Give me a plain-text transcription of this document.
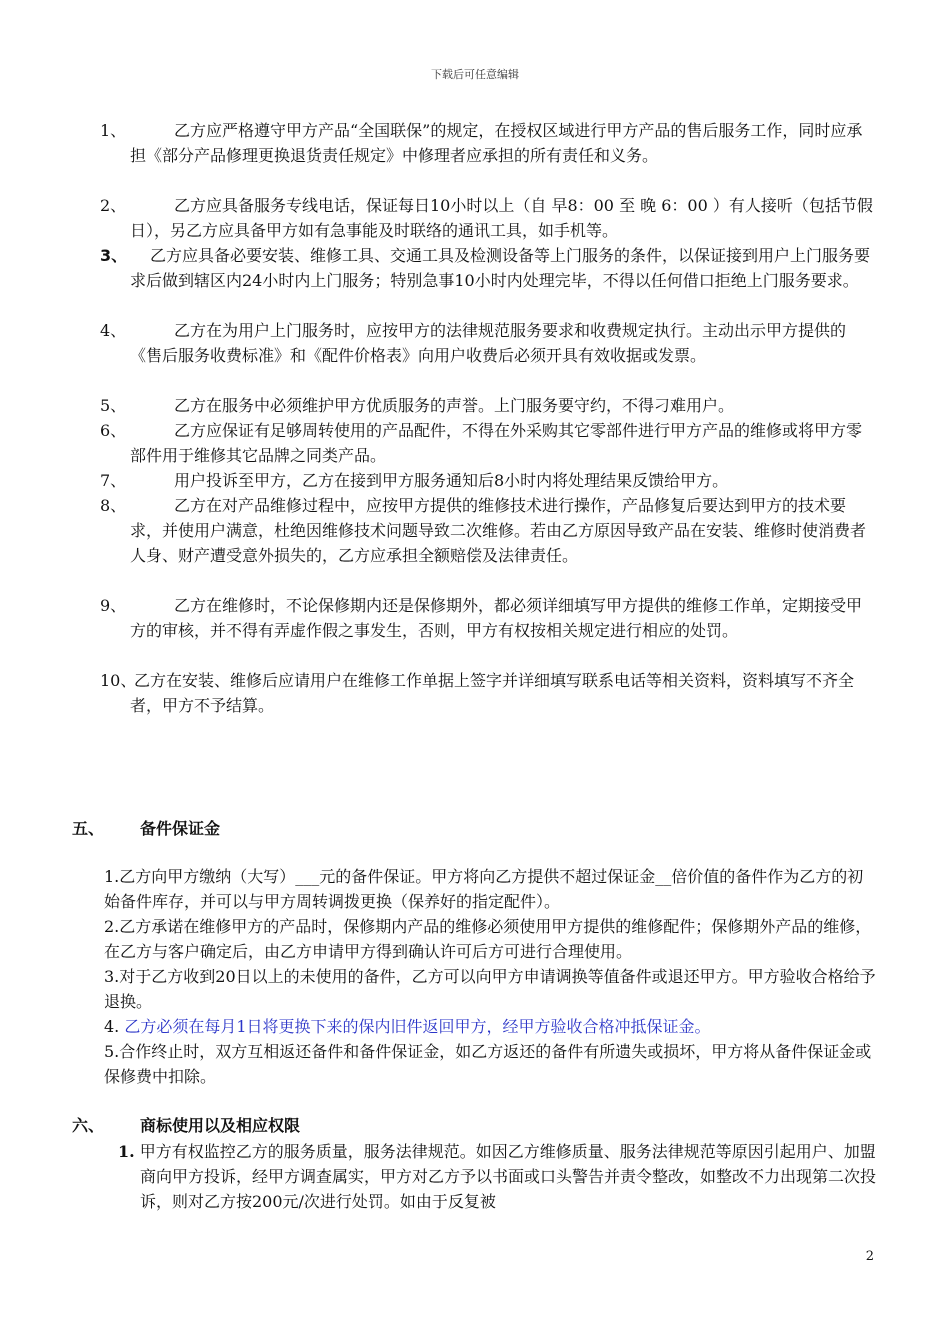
下载后可任意编辑
1、	乙方应严格遵守甲方产品“全国联保”的规定，在授权区域进行甲方产品的售后服务工作，同时应承担《部分产品修理更换退货责任规定》中修理者应承担的所有责任和义务。
2、	乙方应具备服务专线电话，保证每日10小时以上（自 早8：00 至 晚 6：00 ）有人接听（包括节假日），另乙方应具备甲方如有急事能及时联络的通讯工具，如手机等。
3、 乙方应具备必要安装、维修工具、交通工具及检测设备等上门服务的条件，以保证接到用户上门服务要求后做到辖区内24小时内上门服务；特别急事10小时内处理完毕，不得以任何借口拒绝上门服务要求。
4、	乙方在为用户上门服务时，应按甲方的法律规范服务要求和收费规定执行。主动出示甲方提供的《售后服务收费标准》和《配件价格表》向用户收费后必须开具有效收据或发票。
5、	乙方在服务中必须维护甲方优质服务的声誉。上门服务要守约，不得刁难用户。
6、	乙方应保证有足够周转使用的产品配件，不得在外采购其它零部件进行甲方产品的维修或将甲方零部件用于维修其它品牌之同类产品。
7、	用户投诉至甲方，乙方在接到甲方服务通知后8小时内将处理结果反馈给甲方。
8、	乙方在对产品维修过程中，应按甲方提供的维修技术进行操作，产品修复后要达到甲方的技术要求，并使用户满意，杜绝因维修技术问题导致二次维修。若由乙方原因导致产品在安装、维修时使消费者人身、财产遭受意外损失的，乙方应承担全额赔偿及法律责任。
9、	乙方在维修时，不论保修期内还是保修期外，都必须详细填写甲方提供的维修工作单，定期接受甲方的审核，并不得有弄虚作假之事发生，否则，甲方有权按相关规定进行相应的处罚。
10、
乙方在安装、维修后应请用户在维修工作单据上签字并详细填写联系电话等相关资料，资料填写不齐全者，甲方不予结算。
五、 备件保证金
1.乙方向甲方缴纳（大写）___元的备件保证。甲方将向乙方提供不超过保证金__倍价值的备件作为乙方的初始备件库存，并可以与甲方周转调拨更换（保养好的指定配件）。
2.乙方承诺在维修甲方的产品时，保修期内产品的维修必须使用甲方提供的维修配件；保修期外产品的维修，在乙方与客户确定后，由乙方申请甲方得到确认许可后方可进行合理使用。
3.对于乙方收到20日以上的未使用的备件，乙方可以向甲方申请调换等值备件或退还甲方。甲方验收合格给予退换。
4. 乙方必须在每月1日将更换下来的保内旧件返回甲方，经甲方验收合格冲抵保证金。
5.合作终止时，双方互相返还备件和备件保证金，如乙方返还的备件有所遗失或损坏，甲方将从备件保证金或保修费中扣除。
六、 商标使用以及相应权限
1. 甲方有权监控乙方的服务质量，服务法律规范。如因乙方维修质量、服务法律规范等原因引起用户、加盟商向甲方投诉，经甲方调查属实，甲方对乙方予以书面或口头警告并责令整改，如整改不力出现第二次投诉，则对乙方按200元/次进行处罚。如由于反复被
2
